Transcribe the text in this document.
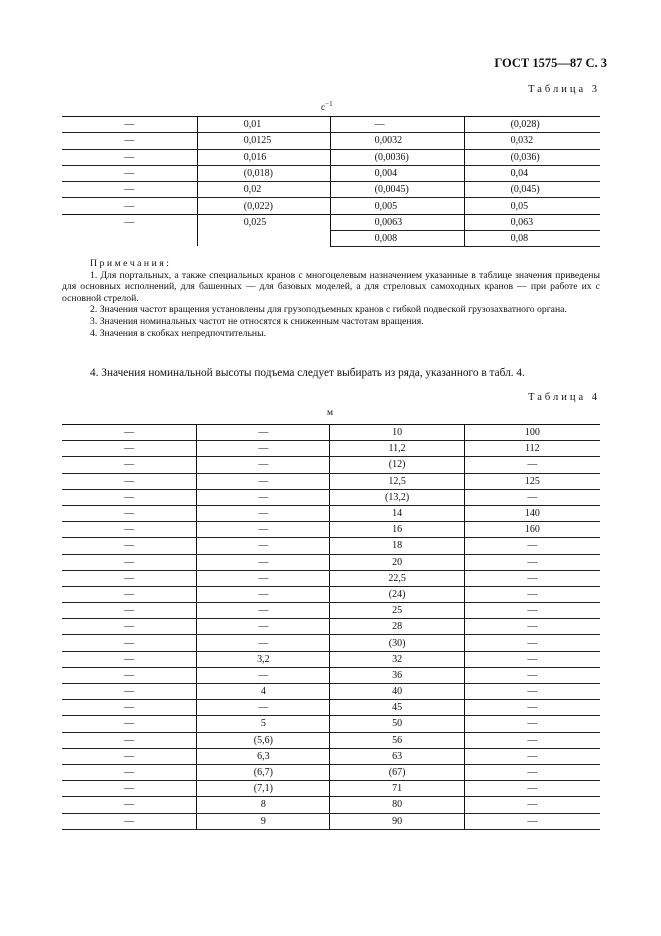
ГОСТ 1575—87 С. 3
Таблица 3
$с^{-1}$
—	0,01	—	(0,028)
—	0,0125	0,0032	0,032
—	0,016	(0,0036)	(0,036)
—	(0,018)	0,004	0,04
—	0,02	(0,0045)	(0,045)
—	(0,022)	0,005	0,05
—	0,025	0,0063	0,063
		0,008	0,08

Примечания:

1. Для портальных, а также специальных кранов с многоцелевым назначением указанные в таблице значения приведены для основных исполнений, для башенных — для базовых моделей, а для стреловых самоходных кранов — при работе их с основной стрелой.

2. Значения частот вращения установлены для грузоподъемных кранов с гибкой подвеской грузозахватного органа.

3. Значения номинальных частот не относятся к сниженным частотам вращения.

4. Значения в скобках непредпочтительны.

4. Значения номинальной высоты подъема следует выбирать из ряда, указанного в табл. 4.
Таблица 4
м
—	—	10	100
—	—	11,2	112
—	—	(12)	—
—	—	12,5	125
—	—	(13,2)	—
—	—	14	140
—	—	16	160
—	—	18	—
—	—	20	—
—	—	22,5	—
—	—	(24)	—
—	—	25	—
—	—	28	—
—	—	(30)	—
—	3,2	32	—
—	—	36	—
—	4	40	—
—	—	45	—
—	5	50	—
—	(5,6)	56	—
—	6,3	63	—
—	(6,7)	(67)	—
—	(7,1)	71	—
—	8	80	—
—	9	90	—
